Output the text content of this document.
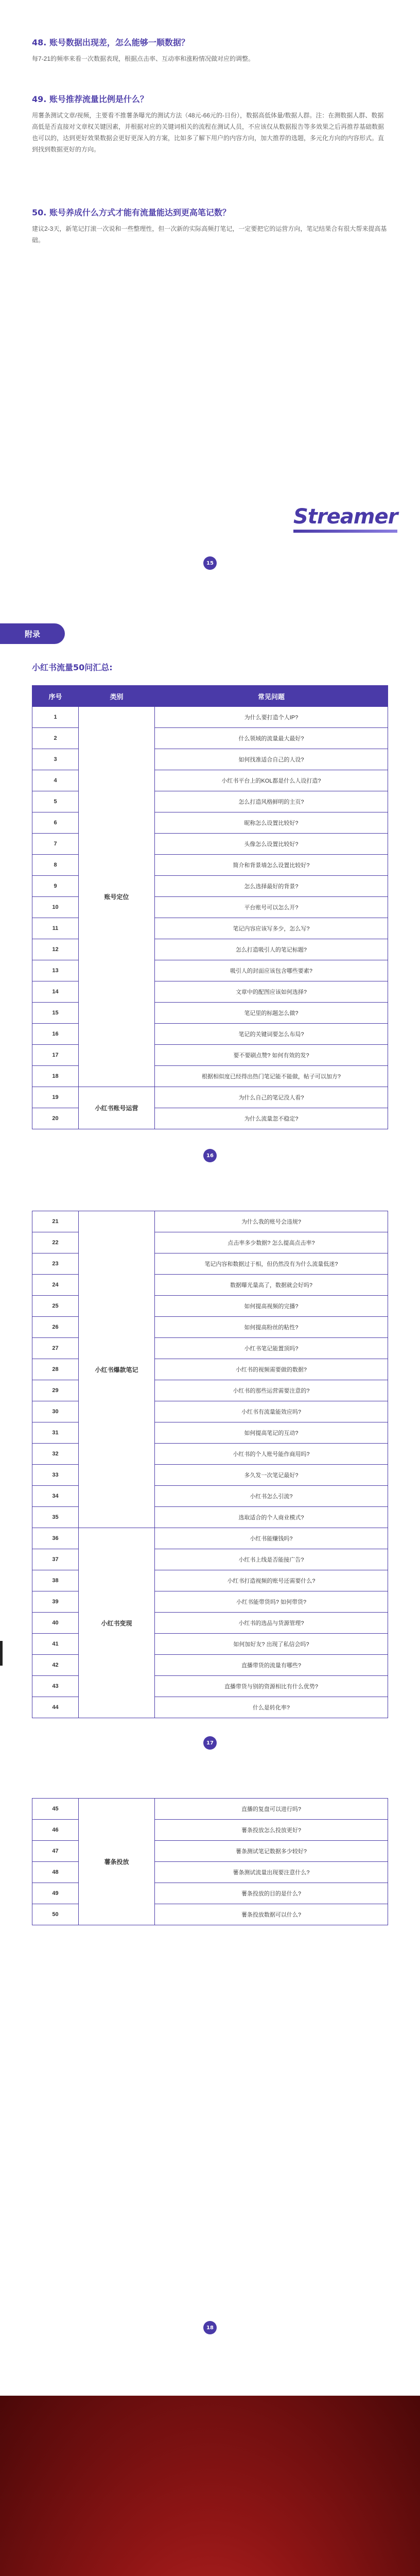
48. 账号数据出现差，怎么能够一顺数据？

每7-21的频率来看一次数据表现，根据点击率、互动率和涨粉情况做对应的调整。

49. 账号推荐流量比例是什么？

用薯条测试文章/视频，主要看不推薯条曝光的测试方法（48元-66元的-日份），数据高低体量/数据人群。注：在测数据人群、数据高低是否直接对文章权关键因素，并根据对应的关键词相关的流程在测试人员，不应该仅从数据报告等多效果之后再推荐基础数据也可以的，达到更好效果数据会更好更深入的方案，比如多了解下用户的内容方向，加大推荐的选题，多元化方向的内容形式。直到找到数据更好的方向。

50. 账号养成什么方式才能有流量能达到更高笔记数？

建议2-3天，新笔记打滚一次说和一些整理性，但一次新的实际高频打笔记，一定要把它的运营方向，笔记结果合有很大帮来提高基础。

Streamer
15
附录
小红书流量50问汇总:
序号	类别	常见问题
1	账号定位	为什么要打造个人IP?
2		什么领域的流量最大最好?
3		如何找准适合自己的人设?
4		小红书平台上的KOL都是什么人设打造?
5		怎么打造风格鲜明的主页?
6		昵称怎么设置比较好?
7		头像怎么设置比较好?
8		简介和背景墙怎么设置比较好?
9		怎么选择最好的背景?
10		平台账号可以怎么开?
11		笔记内容应该写多少，怎么写?
12		怎么打造吸引人的笔记标题?
13		吸引人的封面应该包含哪些要素?
14		文章中的配图应该如何选择?
15		笔记里的标题怎么做?
16		笔记的关键词要怎么布局?
17		要不要刷点赞? 如何有效的发?
18		根据相似度已经得出热门笔记能不能做，帖子可以加方?
19	小红书账号运营	为什么自己的笔记没人看?
20		为什么流量忽不稳定?
16
21	小红书爆款笔记	为什么我的账号会违规?
22		点击率多少数据? 怎么提高点击率?
23		笔记内容和数据过于相，但仍然没有为什么流量低迷?
24		数据曝光量高了，数据就会好吗?
25		如何提高视频的完播?
26		如何提高粉丝的粘性?
27		小红书笔记能置顶吗?
28		小红书的视频需要做的数据?
29		小红书的那些运营需要注意的?
30		小红书有流量能效应吗?
31		如何提高笔记的互动?
32		小红书的个人账号能作商用吗?
33		多久发一次笔记最好?
34		小红书怎么引流?
35		选取适合的个人商业模式?
36	小红书变现	小红书能赚钱吗?
37		小红书上线是否能接广告?
38		小红书打造视频的账号还需要什么?
39		小红书能带货吗? 如何带货?
40		小红书的选品与货源管理?
41		如何加好友? 出现了私信会吗?
42		直播带货的流量有哪些?
43		直播带货与别的资源相比有什么优势?
44		什么是转化率?
17
45	薯条投放	直播的复盘可以进行吗?
46		薯条投放怎么投放更好?
47		薯条测试笔记数据多少较好?
48		薯条测试流量出现要注意什么?
49		薯条投放的目的是什么?
50		薯条投放数据可以什么?
18
